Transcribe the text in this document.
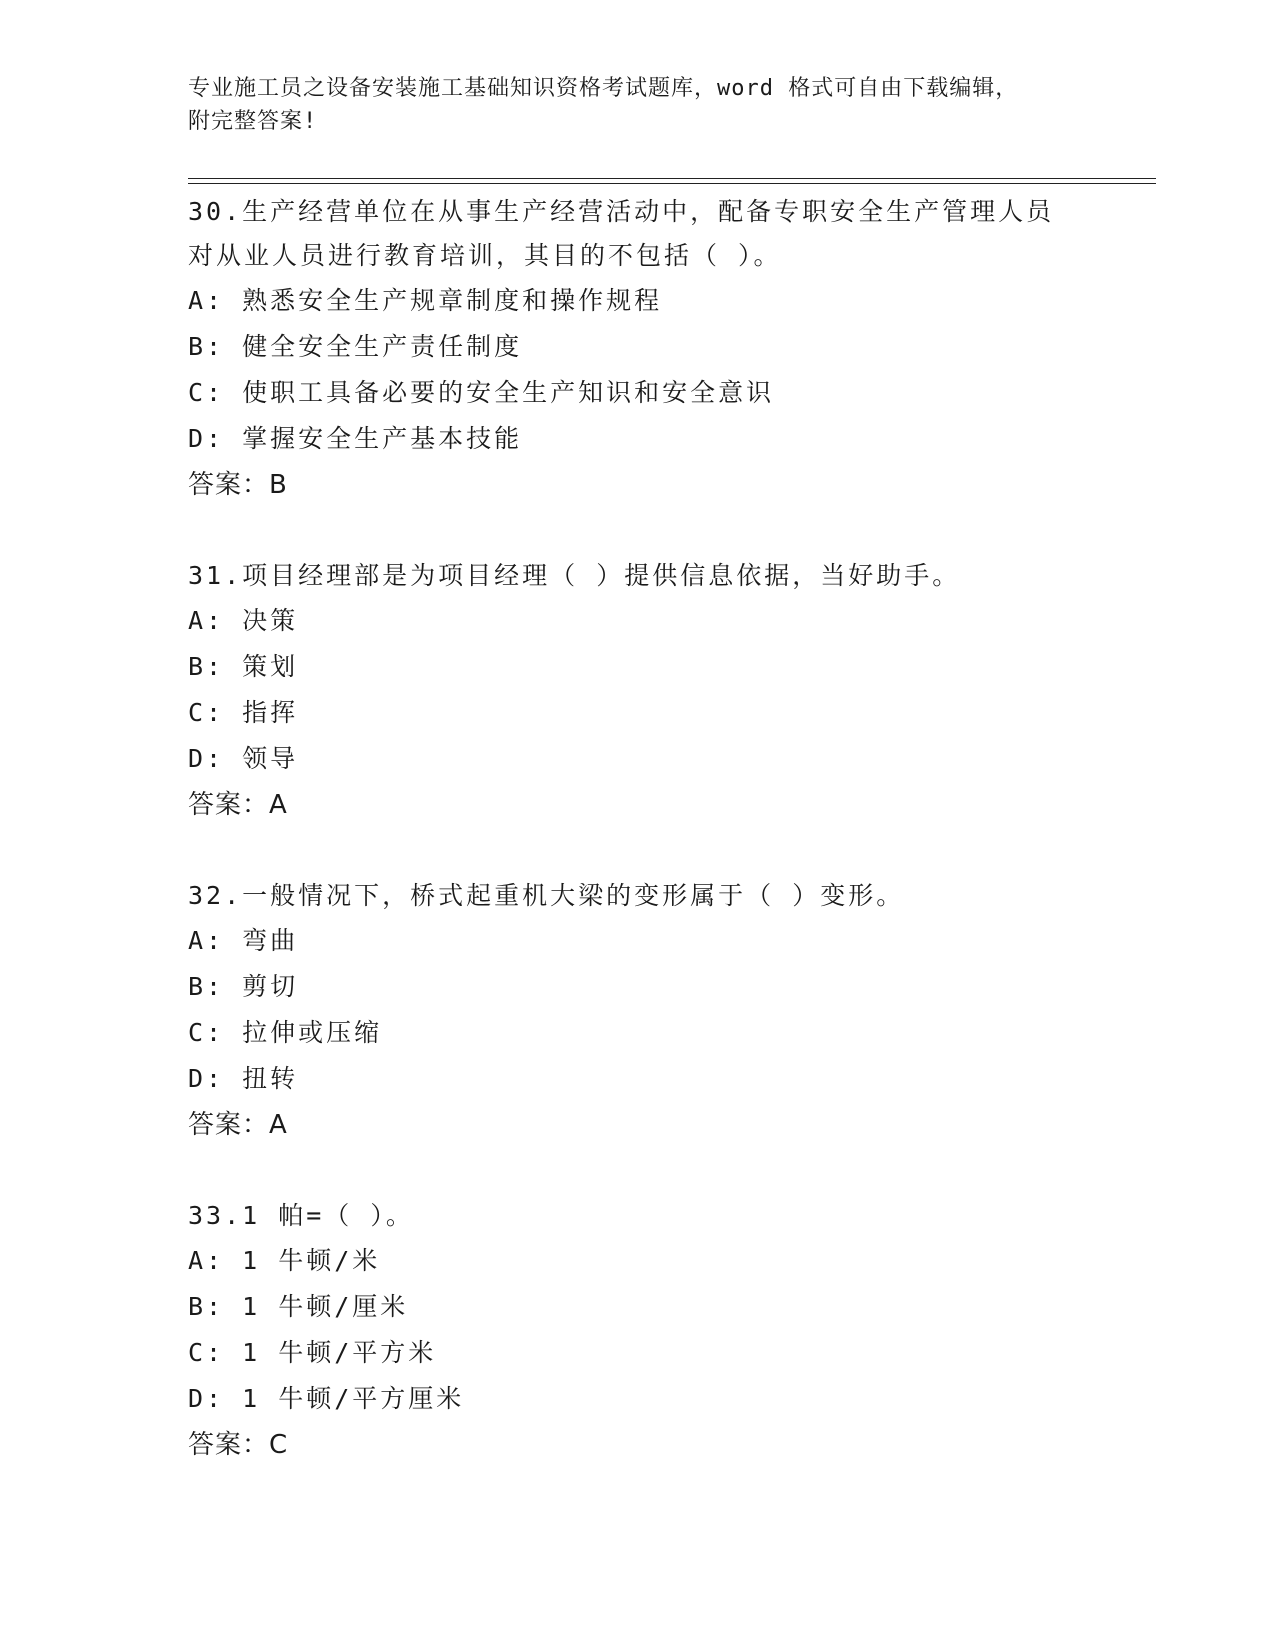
专业施工员之设备安装施工基础知识资格考试题库，word 格式可自由下载编辑，
附完整答案!
30.生产经营单位在从事生产经营活动中，配备专职安全生产管理人员
对从业人员进行教育培训，其目的不包括（ ）。
A: 熟悉安全生产规章制度和操作规程
B: 健全安全生产责任制度
C: 使职工具备必要的安全生产知识和安全意识
D: 掌握安全生产基本技能
答案：B
31.项目经理部是为项目经理（ ）提供信息依据，当好助手。
A: 决策
B: 策划
C: 指挥
D: 领导
答案：A
32.一般情况下，桥式起重机大梁的变形属于（ ）变形。
A: 弯曲
B: 剪切
C: 拉伸或压缩
D: 扭转
答案：A
33.1 帕=（ ）。
A: 1 牛顿/米
B: 1 牛顿/厘米
C: 1 牛顿/平方米
D: 1 牛顿/平方厘米
答案：C
